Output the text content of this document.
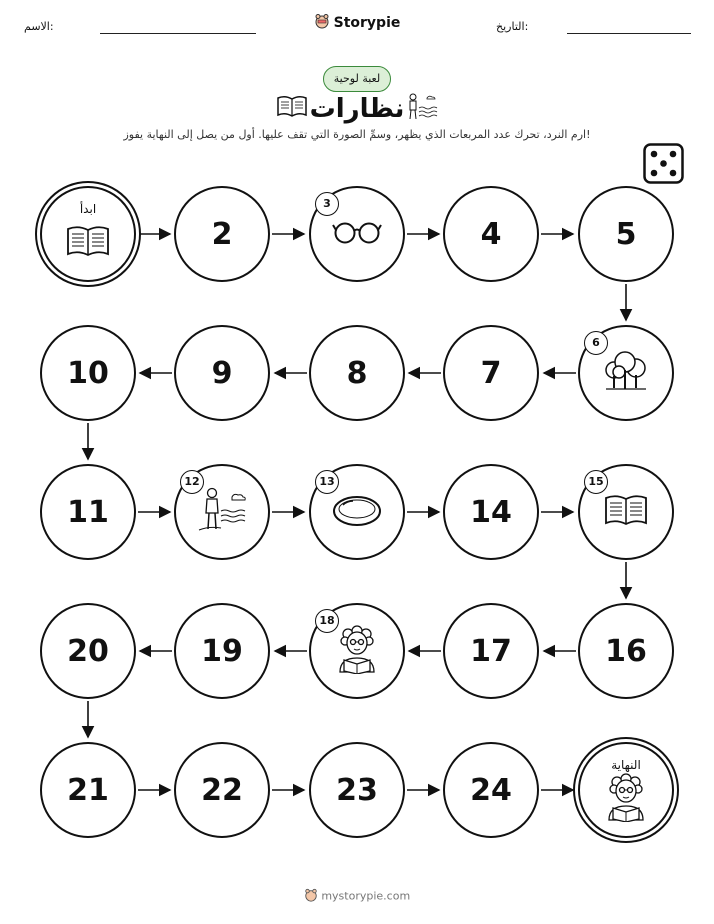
الاسم:	التاريخ:
Storypie
لعبة لوحية
نظارات
ارم النرد، تحرك عدد المربعات الذي يظهر، وسمِّ الصورة التي تقف عليها. أول من يصل إلى النهاية يفوز!
ابدأ
2
3
4	5
6
7
8
9
10
11
12	13
14
15
16
17
18
19
20
21	22	23	24
النهاية
mystorypie.com
